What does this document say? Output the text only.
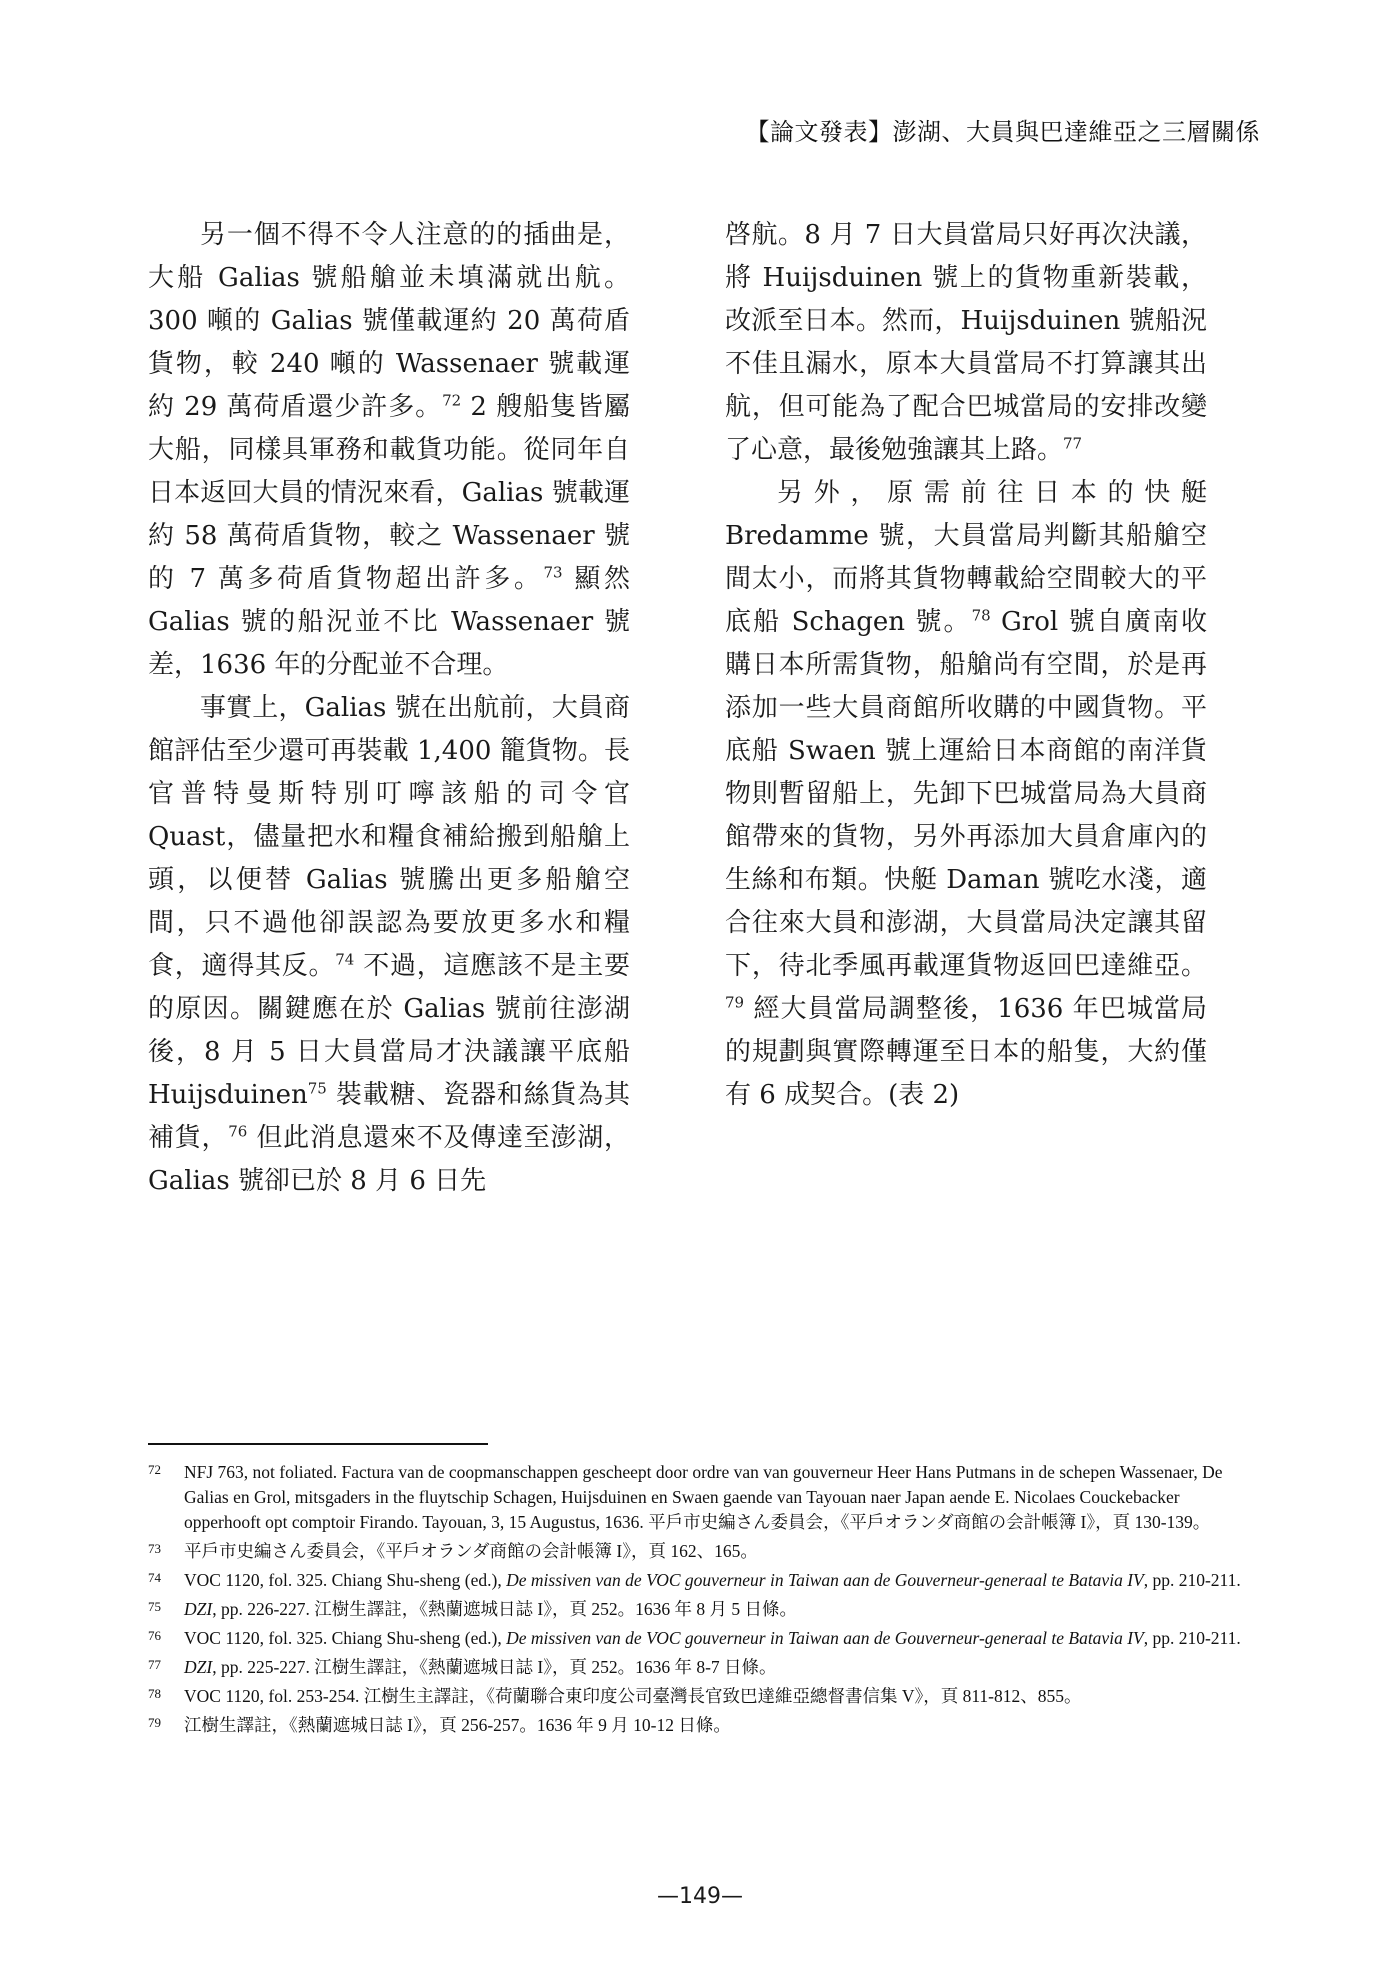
【論文發表】澎湖、大員與巴達維亞之三層關係

另一個不得不令人注意的的插曲是，大船 Galias 號船艙並未填滿就出航。300 噸的 Galias 號僅載運約 20 萬荷盾貨物，較 240 噸的 Wassenaer 號載運約 29 萬荷盾還少許多。$^{72}$ 2 艘船隻皆屬大船，同樣具軍務和載貨功能。從同年自日本返回大員的情況來看，Galias 號載運約 58 萬荷盾貨物，較之 Wassenaer 號的 7 萬多荷盾貨物超出許多。$^{73}$ 顯然 Galias 號的船況並不比 Wassenaer 號差，1636 年的分配並不合理。

事實上，Galias 號在出航前，大員商館評估至少還可再裝載 1,400 籠貨物。長官普特曼斯特別叮嚀該船的司令官 Quast，儘量把水和糧食補給搬到船艙上頭，以便替 Galias 號騰出更多船艙空間，只不過他卻誤認為要放更多水和糧食，適得其反。$^{74}$ 不過，這應該不是主要的原因。關鍵應在於 Galias 號前往澎湖後，8 月 5 日大員當局才決議讓平底船 Huijsduinen$^{75}$ 裝載糖、瓷器和絲貨為其補貨，$^{76}$ 但此消息還來不及傳達至澎湖，Galias 號卻已於 8 月 6 日先

啓航。8 月 7 日大員當局只好再次決議，將 Huijsduinen 號上的貨物重新裝載，改派至日本。然而，Huijsduinen 號船況不佳且漏水，原本大員當局不打算讓其出航，但可能為了配合巴城當局的安排改變了心意，最後勉強讓其上路。$^{77}$

另外，原需前往日本的快艇 Bredamme 號，大員當局判斷其船艙空間太小，而將其貨物轉載給空間較大的平底船 Schagen 號。$^{78}$ Grol 號自廣南收購日本所需貨物，船艙尚有空間，於是再添加一些大員商館所收購的中國貨物。平底船 Swaen 號上運給日本商館的南洋貨物則暫留船上，先卸下巴城當局為大員商館帶來的貨物，另外再添加大員倉庫內的生絲和布類。快艇 Daman 號吃水淺，適合往來大員和澎湖，大員當局決定讓其留下，待北季風再載運貨物返回巴達維亞。$^{79}$ 經大員當局調整後，1636 年巴城當局的規劃與實際轉運至日本的船隻，大約僅有 6 成契合。(表 2)

72 NFJ 763, not foliated. Factura van de coopmanschappen gescheept door ordre van van gouverneur Heer Hans Putmans in de schepen Wassenaer, De Galias en Grol, mitsgaders in the fluytschip Schagen, Huijsduinen en Swaen gaende van Tayouan naer Japan aende E. Nicolaes Couckebacker opperhooft opt comptoir Firando. Tayouan, 3, 15 Augustus, 1636. 平戶市史編さん委員会，《平戶オランダ商館の会計帳簿 I》，頁 130-139。
73 平戶市史編さん委員会，《平戶オランダ商館の会計帳簿 I》，頁 162、165。
74 VOC 1120, fol. 325. Chiang Shu-sheng (ed.), De missiven van de VOC gouverneur in Taiwan aan de Gouverneur-generaal te Batavia IV, pp. 210-211.
75 DZI, pp. 226-227. 江樹生譯註，《熱蘭遮城日誌 I》，頁 252。1636 年 8 月 5 日條。
76 VOC 1120, fol. 325. Chiang Shu-sheng (ed.), De missiven van de VOC gouverneur in Taiwan aan de Gouverneur-generaal te Batavia IV, pp. 210-211.
77 DZI, pp. 225-227. 江樹生譯註，《熱蘭遮城日誌 I》，頁 252。1636 年 8-7 日條。
78 VOC 1120, fol. 253-254. 江樹生主譯註，《荷蘭聯合東印度公司臺灣長官致巴達維亞總督書信集 V》，頁 811-812、855。
79 江樹生譯註，《熱蘭遮城日誌 I》，頁 256-257。1636 年 9 月 10-12 日條。
—149—
